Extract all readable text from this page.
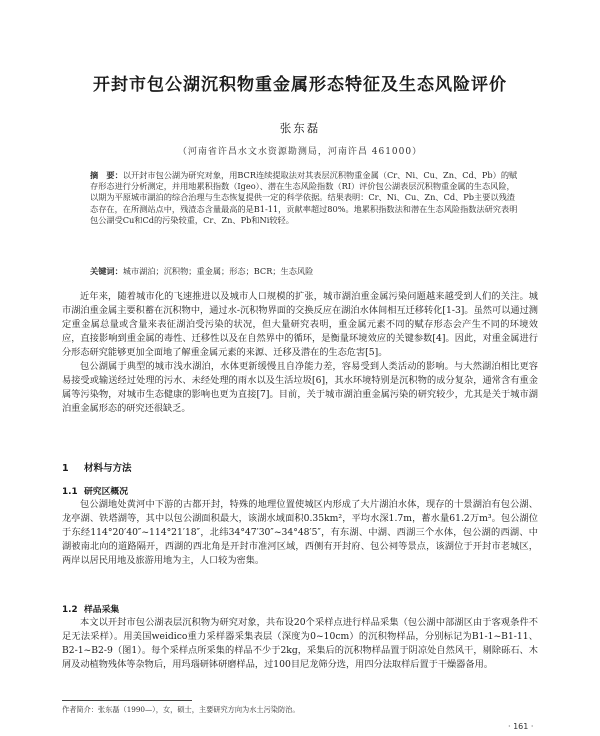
开封市包公湖沉积物重金属形态特征及生态风险评价
张东磊
（河南省许昌水文水资源勘测局，河南许昌 461000）
摘　要：以开封市包公湖为研究对象，用BCR连续提取法对其表层沉积物重金属（Cr、Ni、Cu、Zn、Cd、Pb）的赋存形态进行分析测定，并用地累积指数（Igeo）、潜在生态风险指数（RI）评价包公湖表层沉积物重金属的生态风险，以期为平原城市湖泊的综合治理与生态恢复提供一定的科学依据。结果表明：Cr、Ni、Cu、Zn、Cd、Pb主要以残渣态存在，在所测站点中，残渣态含量最高的是B1-11，贡献率超过80%。地累积指数法和潜在生态风险指数法研究表明包公湖受Cu和Cd的污染较重，Cr、Zn、Pb和Ni较轻。
关键词：城市湖泊；沉积物；重金属；形态；BCR；生态风险

近年来，随着城市化的飞速推进以及城市人口规模的扩张，城市湖泊重金属污染问题越来越受到人们的关注。城市湖泊重金属主要积蓄在沉积物中，通过水-沉积物界面的交换反应在湖泊水体间相互迁移转化[1-3]。虽然可以通过测定重金属总量或含量来表征湖泊受污染的状况，但大量研究表明，重金属元素不同的赋存形态会产生不同的环境效应，直接影响到重金属的毒性、迁移性以及在自然界中的循环，是衡量环境效应的关键参数[4]。因此，对重金属进行分形态研究能够更加全面地了解重金属元素的来源、迁移及潜在的生态危害[5]。

包公湖属于典型的城市浅水湖泊，水体更新缓慢且自净能力差，容易受到人类活动的影响。与大然湖泊相比更容易接受或输送经过处理的污水、未经处理的雨水以及生活垃圾[6]，其水环境特别是沉积物的成分复杂，通常含有重金属等污染物，对城市生态健康的影响也更为直接[7]。目前，关于城市湖泊重金属污染的研究较少，尤其是关于城市湖泊重金属形态的研究还很缺乏。

1 材料与方法
1.1 研究区概况

包公湖地处黄河中下游的古都开封，特殊的地理位置使城区内形成了大片湖泊水体，现存的十景湖泊有包公湖、龙亭湖、铁塔湖等，其中以包公湖面积最大，该湖水域面积0.35km²，平均水深1.7m，蓄水量61.2万m³。包公湖位于东经114°20′40″~114°21′18″，北纬34°47′30″~34°48′5″，有东湖、中湖、西湖三个水体，包公湖的西湖、中湖被南北向的道路隔开，西湖的西北角是开封市准河区域，西侧有开封府、包公祠等景点，该湖位于开封市老城区，两岸以居民用地及旅游用地为主，人口较为密集。

1.2 样品采集

本文以开封市包公湖表层沉积物为研究对象，共布设20个采样点进行样品采集（包公湖中部湖区由于客观条件不足无法采样）。用美国weidico重力采样器采集表层（深度为0~10cm）的沉积物样品，分别标记为B1-1~B1-11、B2-1~B2-9（图1）。每个采样点所采集的样品不少于2kg，采集后的沉积物样品置于阴凉处自然风干，剔除砾石、木屑及动植物残体等杂物后，用玛瑙研钵研磨样品，过100目尼龙筛分选，用四分法取样后置于干燥器备用。

作者简介：张东磊（1990—），女，硕士，主要研究方向为水土污染防治。
· 161 ·
